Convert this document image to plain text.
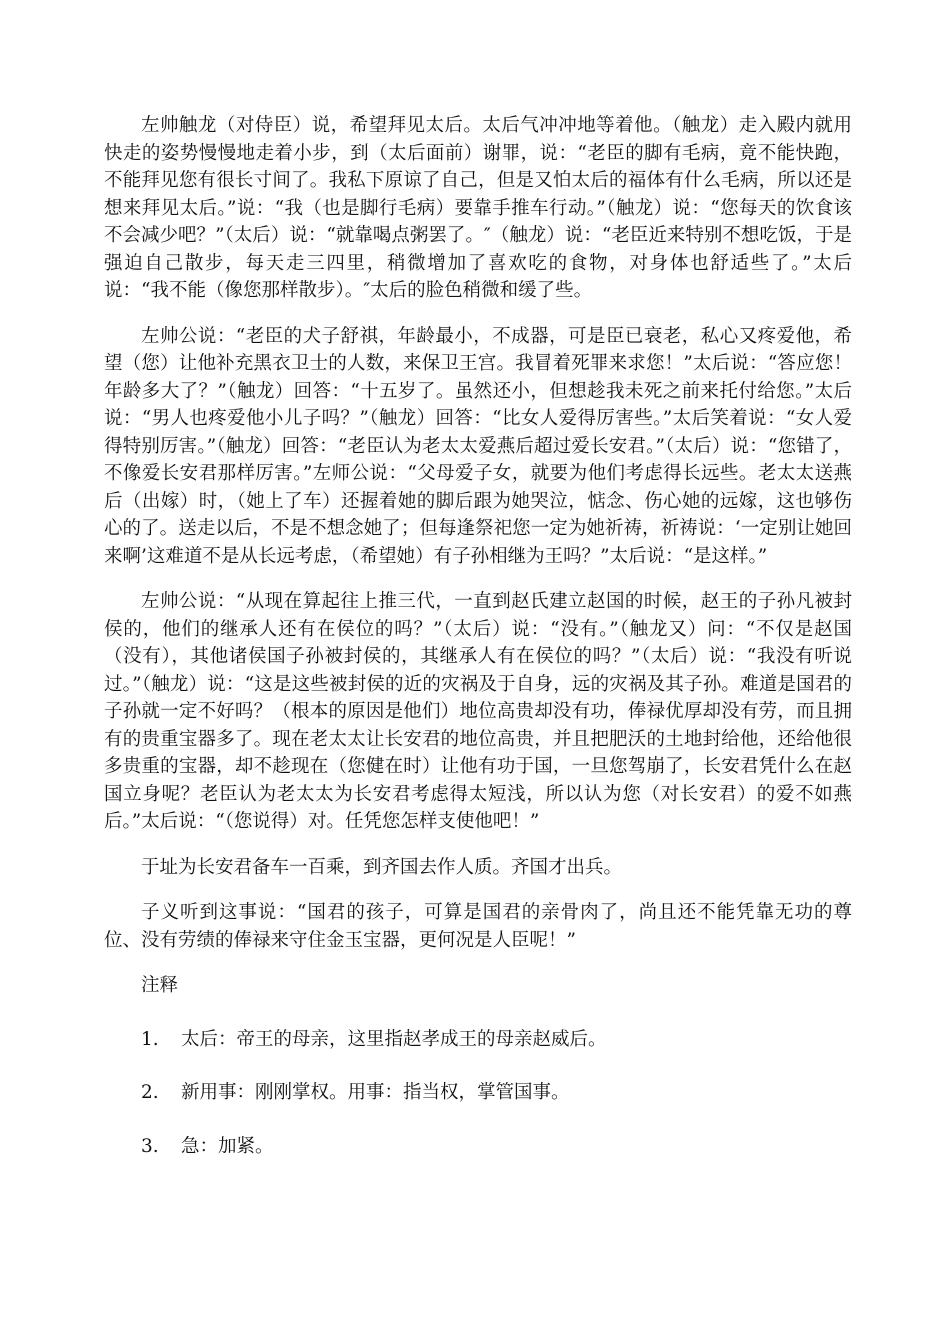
左帅触龙（对侍臣）说，希望拜见太后。太后气冲冲地等着他。（触龙）走入殿内就用快走的姿势慢慢地走着小步，到（太后面前）谢罪，说：“老臣的脚有毛病，竟不能快跑，不能拜见您有很长寸间了。我私下原谅了自己，但是又怕太后的福体有什么毛病，所以还是想来拜见太后。”说：“我（也是脚行毛病）要靠手推车行动。”（触龙）说：“您每天的饮食该不会减少吧？”（太后）说：“就靠喝点粥罢了。″（触龙）说：“老臣近来特别不想吃饭，于是强迫自己散步，每天走三四里，稍微增加了喜欢吃的食物，对身体也舒适些了。”太后说：“我不能（像您那样散步）。″太后的脸色稍微和缓了些。

左帅公说：“老臣的犬子舒祺，年龄最小，不成器，可是臣已衰老，私心又疼爱他，希望（您）让他补充黑衣卫士的人数，来保卫王宫。我冒着死罪来求您！”太后说：“答应您！年龄多大了？”（触龙）回答：“十五岁了。虽然还小，但想趁我未死之前来托付给您。”太后说：“男人也疼爱他小儿子吗？”（触龙）回答：“比女人爱得厉害些。”太后笑着说：“女人爱得特别厉害。”（触龙）回答：“老臣认为老太太爱燕后超过爱长安君。”（太后）说：“您错了，不像爱长安君那样厉害。”左师公说：“父母爱子女，就要为他们考虑得长远些。老太太送燕后（出嫁）时，（她上了车）还握着她的脚后跟为她哭泣，惦念、伤心她的远嫁，这也够伤心的了。送走以后，不是不想念她了；但每逢祭祀您一定为她祈祷，祈祷说：‘一定别让她回来啊’这难道不是从长远考虑，（希望她）有子孙相继为王吗？”太后说：“是这样。”

左帅公说：“从现在算起往上推三代，一直到赵氏建立赵国的时候，赵王的子孙凡被封侯的，他们的继承人还有在侯位的吗？”（太后）说：“没有。”（触龙又）问：“不仅是赵国（没有），其他诸侯国子孙被封侯的，其继承人有在侯位的吗？”（太后）说：“我没有听说过。”（触龙）说：“这是这些被封侯的近的灾祸及于自身，远的灾祸及其子孙。难道是国君的子孙就一定不好吗？（根本的原因是他们）地位高贵却没有功，俸禄优厚却没有劳，而且拥有的贵重宝器多了。现在老太太让长安君的地位高贵，并且把肥沃的土地封给他，还给他很多贵重的宝器，却不趁现在（您健在时）让他有功于国，一旦您驾崩了，长安君凭什么在赵国立身呢？老臣认为老太太为长安君考虑得太短浅，所以认为您（对长安君）的爱不如燕后。”太后说：“（您说得）对。任凭您怎样支使他吧！”

于址为长安君备车一百乘，到齐国去作人质。齐国才出兵。

子义听到这事说：“国君的孩子，可算是国君的亲骨肉了，尚且还不能凭靠无功的尊位、没有劳绩的俸禄来守住金玉宝器，更何况是人臣呢！”

注释

1.	太后：帝王的母亲，这里指赵孝成王的母亲赵威后。
2.	新用事：刚刚掌权。用事：指当权，掌管国事。
3.	急：加紧。
